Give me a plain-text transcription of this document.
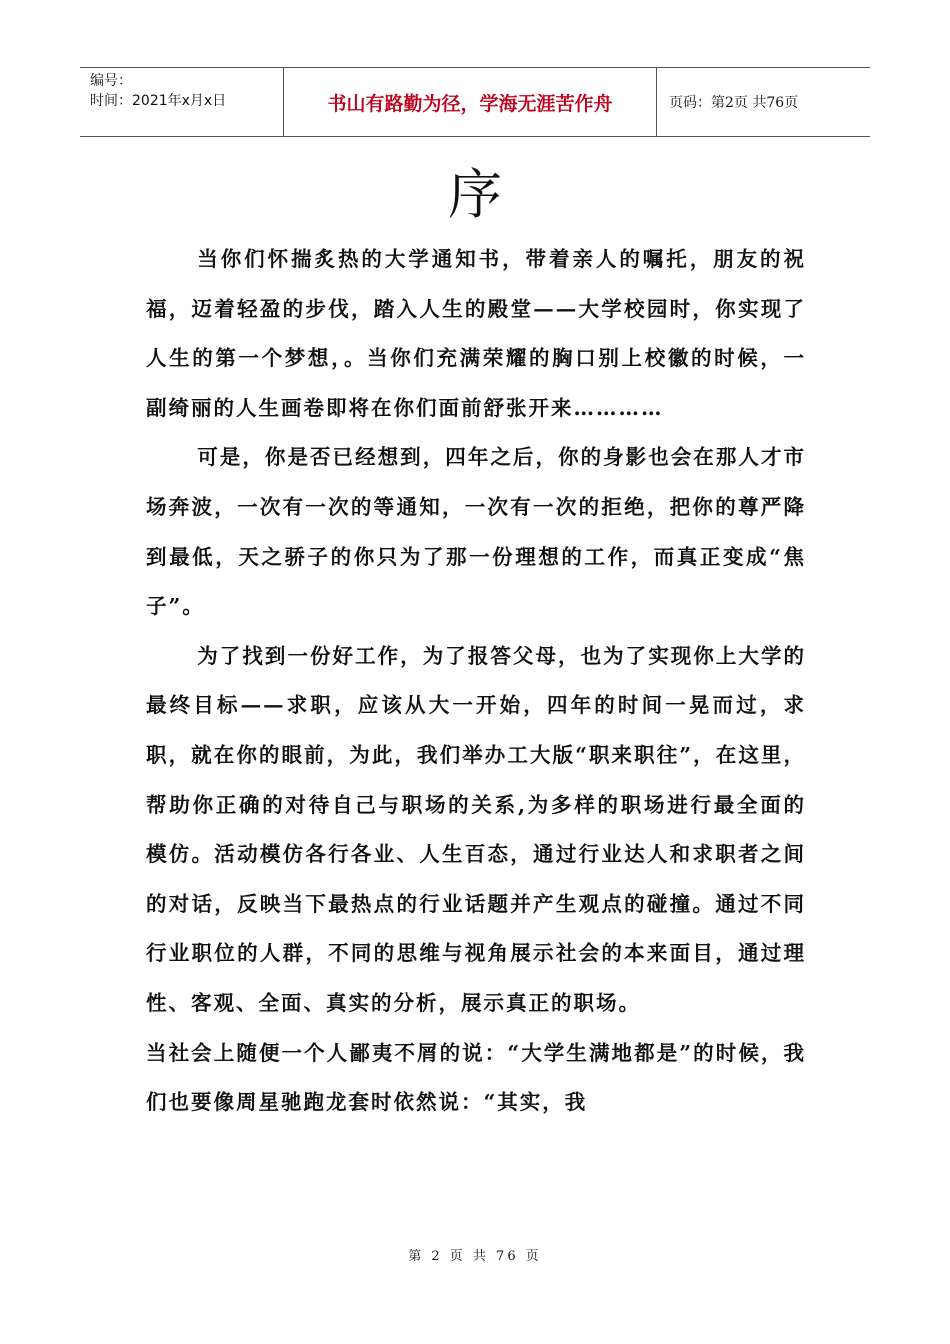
编号：
时间：2021年x月x日	书山有路勤为径，学海无涯苦作舟	页码：第2页 共76页
序

当你们怀揣炙热的大学通知书，带着亲人的嘱托，朋友的祝福，迈着轻盈的步伐，踏入人生的殿堂——大学校园时，你实现了人生的第一个梦想，。当你们充满荣耀的胸口别上校徽的时候，一副绮丽的人生画卷即将在你们面前舒张开来…………

可是，你是否已经想到，四年之后，你的身影也会在那人才市场奔波，一次有一次的等通知，一次有一次的拒绝，把你的尊严降到最低，天之骄子的你只为了那一份理想的工作，而真正变成“焦子”。

为了找到一份好工作，为了报答父母，也为了实现你上大学的最终目标——求职，应该从大一开始，四年的时间一晃而过，求职，就在你的眼前，为此，我们举办工大版“职来职往”，在这里，帮助你正确的对待自己与职场的关系,为多样的职场进行最全面的模仿。活动模仿各行各业、人生百态，通过行业达人和求职者之间的对话，反映当下最热点的行业话题并产生观点的碰撞。通过不同行业职位的人群，不同的思维与视角展示社会的本来面目，通过理性、客观、全面、真实的分析，展示真正的职场。

当社会上随便一个人鄙夷不屑的说：“大学生满地都是”的时候，我们也要像周星驰跑龙套时依然说：“其实，我

第 2 页 共 76 页
